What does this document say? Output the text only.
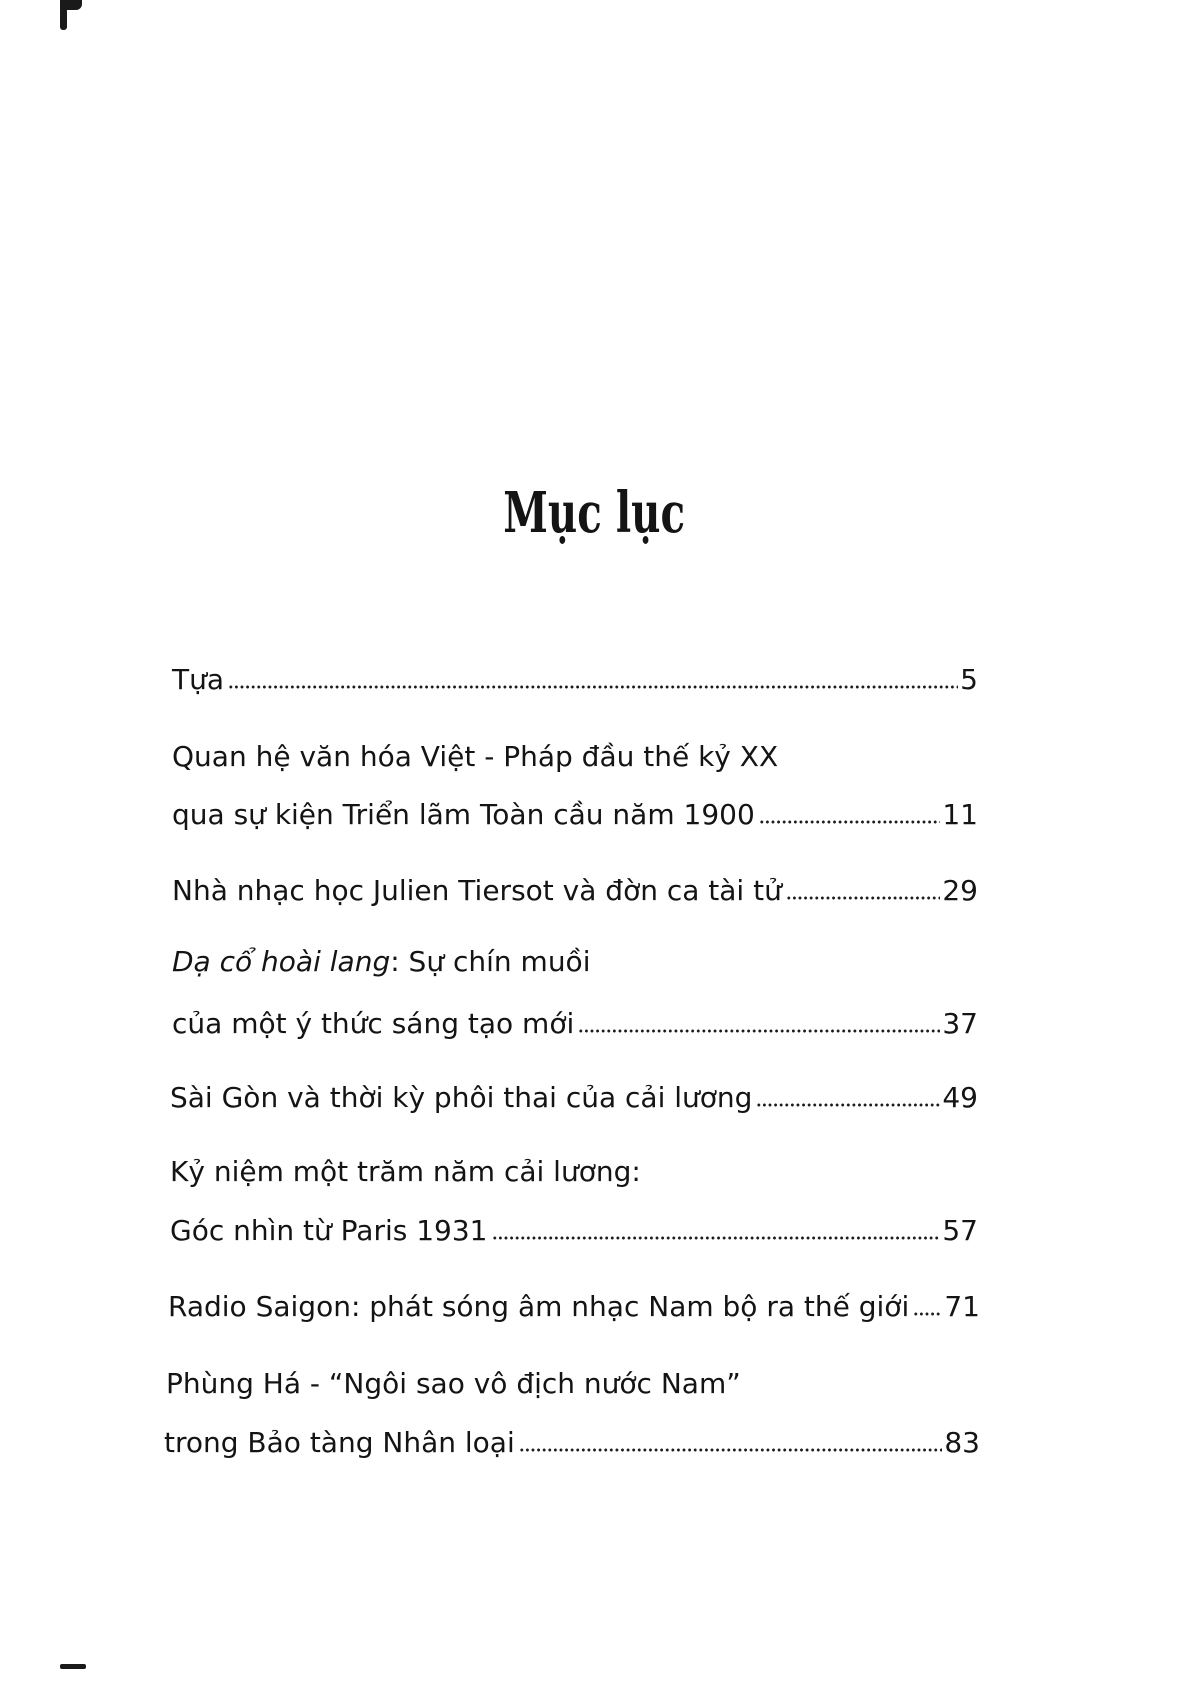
Mục lục
Tựa	5
Quan hệ văn hóa Việt - Pháp đầu thế kỷ XX
qua sự kiện Triển lãm Toàn cầu năm 1900	11
Nhà nhạc học Julien Tiersot và đờn ca tài tử	29
Dạ cổ hoài lang: Sự chín muồi
của một ý thức sáng tạo mới	37
Sài Gòn và thời kỳ phôi thai của cải lương	49
Kỷ niệm một trăm năm cải lương:
Góc nhìn từ Paris 1931	57
Radio Saigon: phát sóng âm nhạc Nam bộ ra thế giới 71
Phùng Há - “Ngôi sao vô địch nước Nam”
trong Bảo tàng Nhân loại	83
